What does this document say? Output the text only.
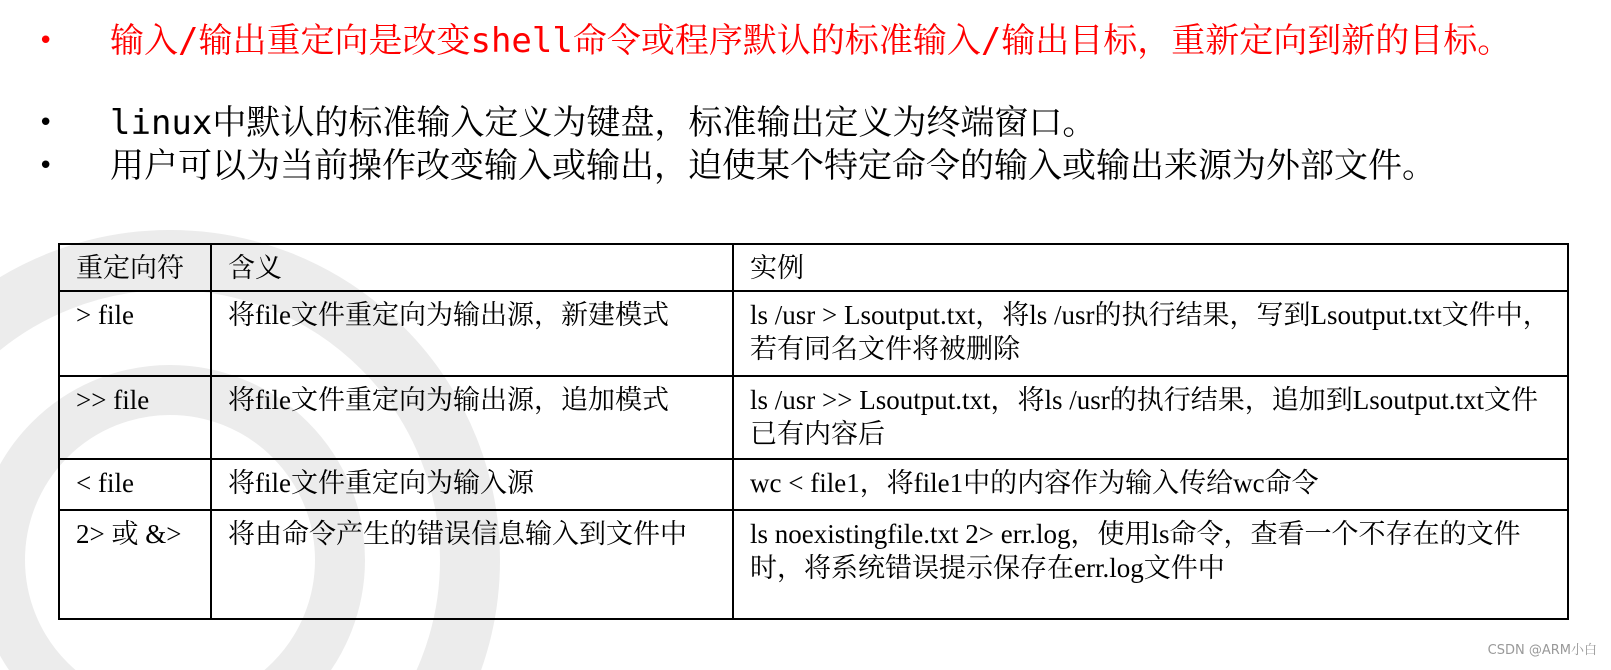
• 输入/输出重定向是改变shell命令或程序默认的标准输入/输出目标，重新定向到新的目标。
• linux中默认的标准输入定义为键盘，标准输出定义为终端窗口。
• 用户可以为当前操作改变输入或输出，迫使某个特定命令的输入或输出来源为外部文件。
重定向符	含义	实例
> file	将file文件重定向为输出源，新建模式	ls /usr > Lsoutput.txt，将ls /usr的执行结果，写到Lsoutput.txt文件中，若有同名文件将被删除
>> file	将file文件重定向为输出源，追加模式	ls /usr >> Lsoutput.txt，将ls /usr的执行结果，追加到Lsoutput.txt文件已有内容后
< file	将file文件重定向为输入源	wc < file1，将file1中的内容作为输入传给wc命令
2> 或 &>	将由命令产生的错误信息输入到文件中	ls noexistingfile.txt 2> err.log，使用ls命令，查看一个不存在的文件时，将系统错误提示保存在err.log文件中
CSDN @ARM小白
